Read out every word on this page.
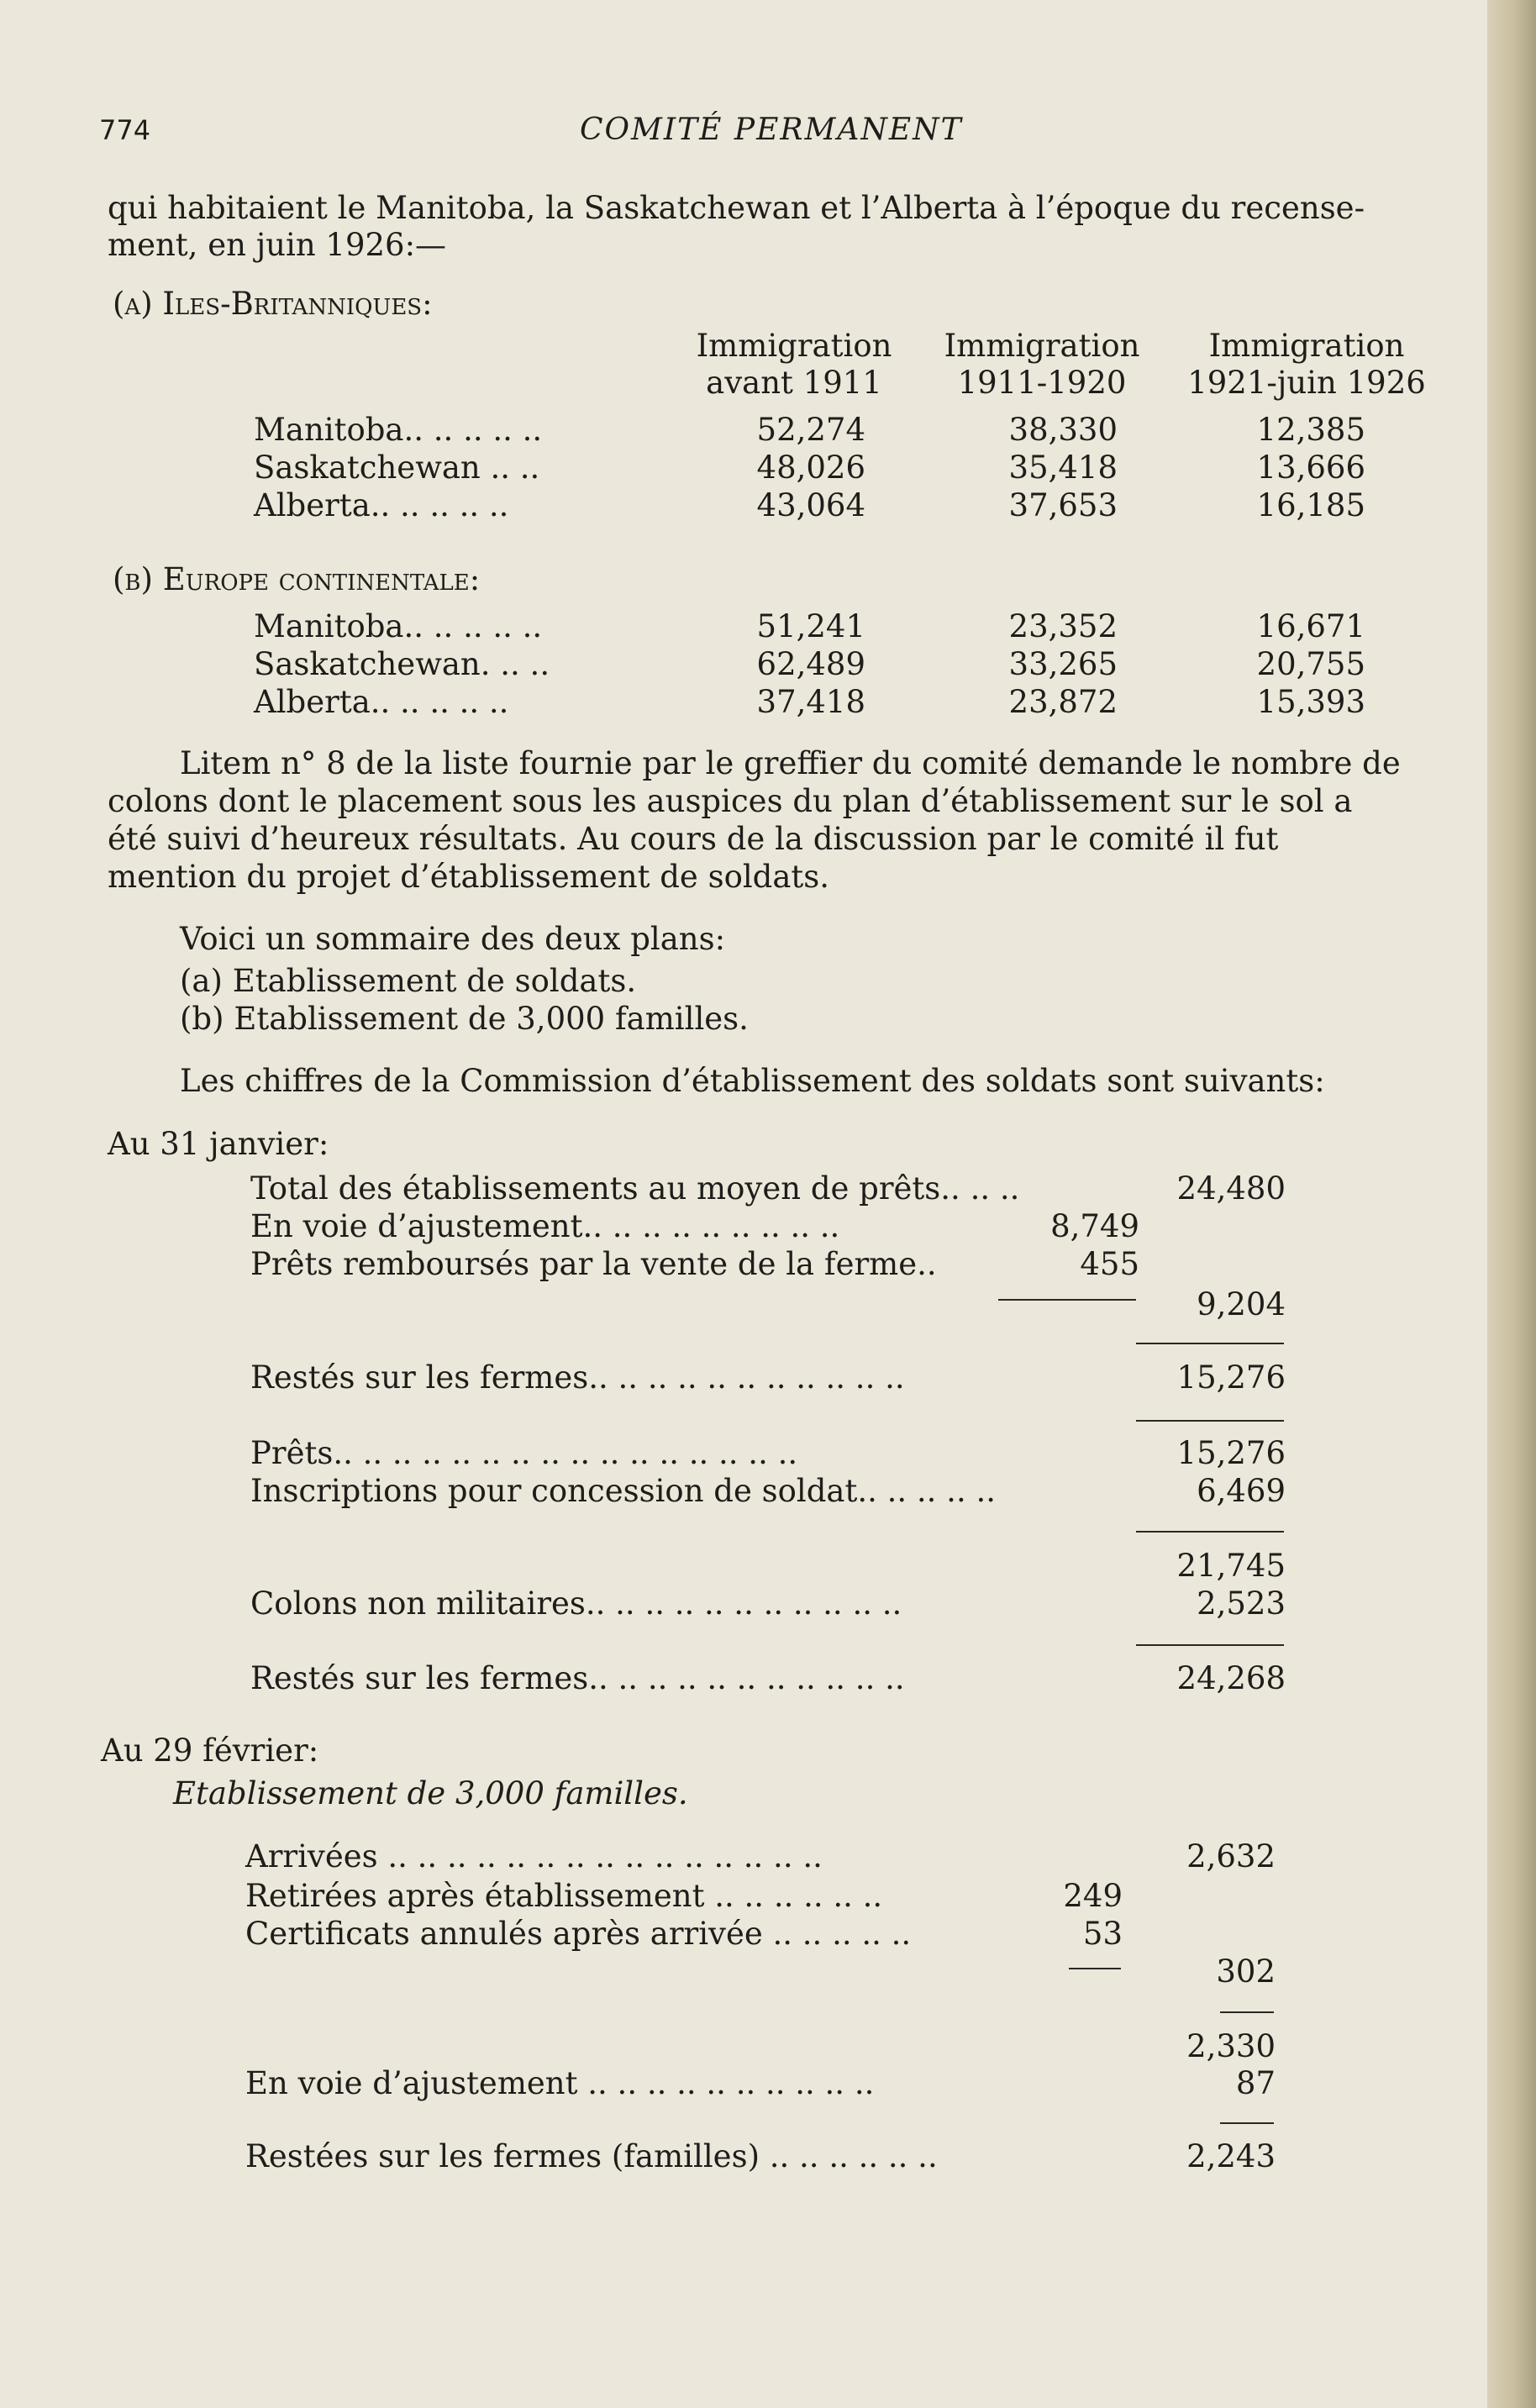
774	COMITÉ PERMANENT
qui habitaient le Manitoba, la Saskatchewan et l’Alberta à l’époque du recense-
ment, en juin 1926:—
(a) Iles-Britanniques:
Immigration
avant 1911
Immigration
1911-1920
Immigration
1921-juin 1926
Manitoba.. .. .. .. ..	52,274	38,330	12,385
Saskatchewan .. ..	48,026	35,418	13,666
Alberta.. .. .. .. ..	43,064	37,653	16,185
(b) Europe continentale:
Manitoba.. .. .. .. ..	51,241	23,352	16,671
Saskatchewan. .. ..	62,489	33,265	20,755
Alberta.. .. .. .. ..	37,418	23,872	15,393
Litem n° 8 de la liste fournie par le greffier du comité demande le nombre de
colons dont le placement sous les auspices du plan d’établissement sur le sol a
été suivi d’heureux résultats. Au cours de la discussion par le comité il fut
mention du projet d’établissement de soldats.
Voici un sommaire des deux plans:
(a) Etablissement de soldats.
(b) Etablissement de 3,000 familles.
Les chiffres de la Commission d’établissement des soldats sont suivants:
Au 31 janvier:
Total des établissements au moyen de prêts.. .. ..	24,480
En voie d’ajustement.. .. .. .. .. .. .. .. ..	8,749
Prêts remboursés par la vente de la ferme..	455
9,204
Restés sur les fermes.. .. .. .. .. .. .. .. .. .. ..	15,276
Prêts.. .. .. .. .. .. .. .. .. .. .. .. .. .. .. ..	15,276
Inscriptions pour concession de soldat.. .. .. .. ..	6,469
21,745
Colons non militaires.. .. .. .. .. .. .. .. .. .. ..	2,523
Restés sur les fermes.. .. .. .. .. .. .. .. .. .. ..	24,268
Au 29 février:
Etablissement de 3,000 familles.
Arrivées .. .. .. .. .. .. .. .. .. .. .. .. .. .. ..	2,632
Retirées après établissement .. .. .. .. .. ..	249
Certificats annulés après arrivée .. .. .. .. ..	53
302
2,330
En voie d’ajustement .. .. .. .. .. .. .. .. .. ..	87
Restées sur les fermes (familles) .. .. .. .. .. ..	2,243
